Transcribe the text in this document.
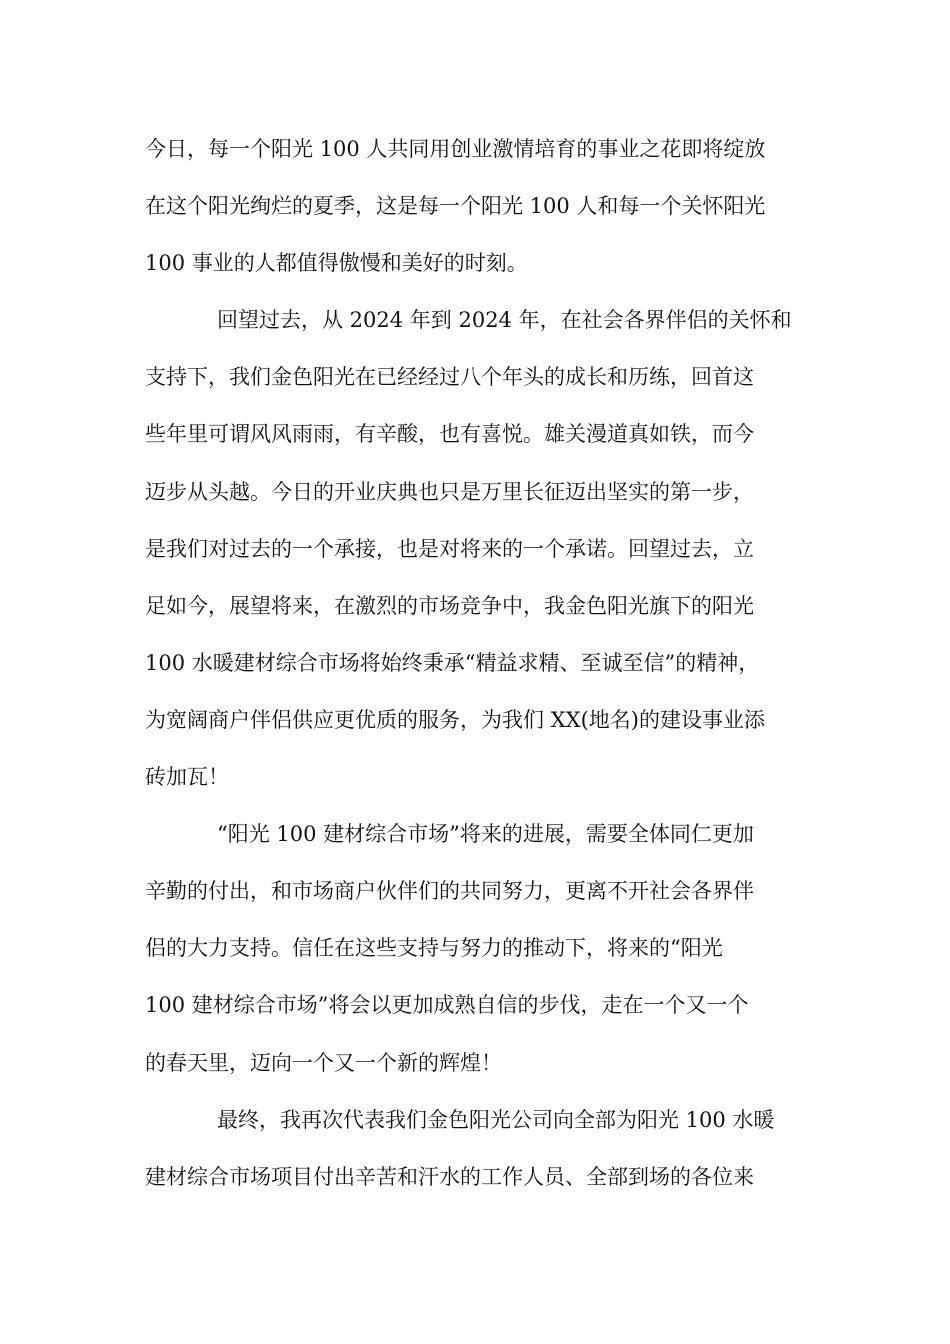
今日，每一个阳光 100 人共同用创业激情培育的事业之花即将绽放
在这个阳光绚烂的夏季，这是每一个阳光 100 人和每一个关怀阳光
100 事业的人都值得傲慢和美好的时刻。
回望过去，从 2024 年到 2024 年，在社会各界伴侣的关怀和
支持下，我们金色阳光在已经经过八个年头的成长和历练，回首这
些年里可谓风风雨雨，有辛酸，也有喜悦。雄关漫道真如铁，而今
迈步从头越。今日的开业庆典也只是万里长征迈出坚实的第一步，
是我们对过去的一个承接，也是对将来的一个承诺。回望过去，立
足如今，展望将来，在激烈的市场竞争中，我金色阳光旗下的阳光
100 水暖建材综合市场将始终秉承“精益求精、至诚至信”的精神，
为宽阔商户伴侣供应更优质的服务，为我们 XX(地名)的建设事业添
砖加瓦！
“阳光 100 建材综合市场”将来的进展，需要全体同仁更加
辛勤的付出，和市场商户伙伴们的共同努力，更离不开社会各界伴
侣的大力支持。信任在这些支持与努力的推动下，将来的“阳光
100 建材综合市场”将会以更加成熟自信的步伐，走在一个又一个
的春天里，迈向一个又一个新的辉煌！
最终，我再次代表我们金色阳光公司向全部为阳光 100 水暖
建材综合市场项目付出辛苦和汗水的工作人员、全部到场的各位来
